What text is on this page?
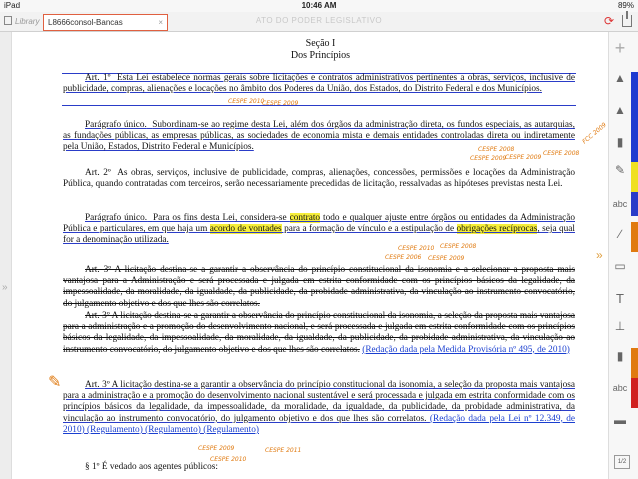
iPad	10:46 AM	89%
Library	L8666consol-Bancas	×	ATO DO PODER LEGISLATIVO	⟳
»
Seção I
Dos Princípios
Art. 1º Esta Lei estabelece normas gerais sobre licitações e contratos administrativos pertinentes a obras, serviços, inclusive de publicidade, compras, alienações e locações no âmbito dos Poderes da União, dos Estados, do Distrito Federal e dos Municípios.
CESPE 2010
CESPE 2009
Parágrafo único. Subordinam-se ao regime desta Lei, além dos órgãos da administração direta, os fundos especiais, as autarquias, as fundações públicas, as empresas públicas, as sociedades de economia mista e demais entidades controladas direta ou indiretamente pela União, Estados, Distrito Federal e Municípios.	CESPE 2008
CESPE 2009
CESPE 2009
CESPE 2008
FCC 2009
Art. 2º As obras, serviços, inclusive de publicidade, compras, alienações, concessões, permissões e locações da Administração Pública, quando contratadas com terceiros, serão necessariamente precedidas de licitação, ressalvadas as hipóteses previstas nesta Lei.
Parágrafo único. Para os fins desta Lei, considera-se contrato todo e qualquer ajuste entre órgãos ou entidades da Administração Pública e particulares, em que haja um acordo de vontades para a formação de vínculo e a estipulação de obrigações recíprocas, seja qual for a denominação utilizada.
CESPE 2010 CESPE 2008
CESPE 2006 CESPE 2009
Art. 3º A licitação destina-se a garantir a observância do princípio constitucional da isonomia e a selecionar a proposta mais vantajosa para a Administração e será processada e julgada em estrita conformidade com os princípios básicos da legalidade, da impessoalidade, da moralidade, da igualdade, da publicidade, da probidade administrativa, da vinculação ao instrumento convocatório, do julgamento objetivo e dos que lhes são correlatos.
Art. 3º A licitação destina-se a garantir a observância do princípio constitucional da isonomia, a seleção da proposta mais vantajosa para a administração e a promoção do desenvolvimento nacional, e será processada e julgada em estrita conformidade com os princípios básicos da legalidade, da impessoalidade, da moralidade, da igualdade, da publicidade, da probidade administrativa, da vinculação ao instrumento convocatório, do julgamento objetivo e dos que lhes são correlatos. (Redação dada pela Medida Provisória nº 495, de 2010)
✎	Art. 3º A licitação destina-se a garantir a observância do princípio constitucional da isonomia, a seleção da proposta mais vantajosa para a administração e a promoção do desenvolvimento nacional sustentável e será processada e julgada em estrita conformidade com os princípios básicos da legalidade, da impessoalidade, da moralidade, da igualdade, da publicidade, da probidade administrativa, da vinculação ao instrumento convocatório, do julgamento objetivo e dos que lhes são correlatos. (Redação dada pela Lei nº 12.349, de 2010) (Regulamento) (Regulamento) (Regulamento)
CESPE 2009
CESPE 2010
CESPE 2011
§ 1º É vedado aos agentes públicos:
»
+
▲
▲
▮
✎
abc
∕
▭
T
⊥
▮
abc
▬
1/2
